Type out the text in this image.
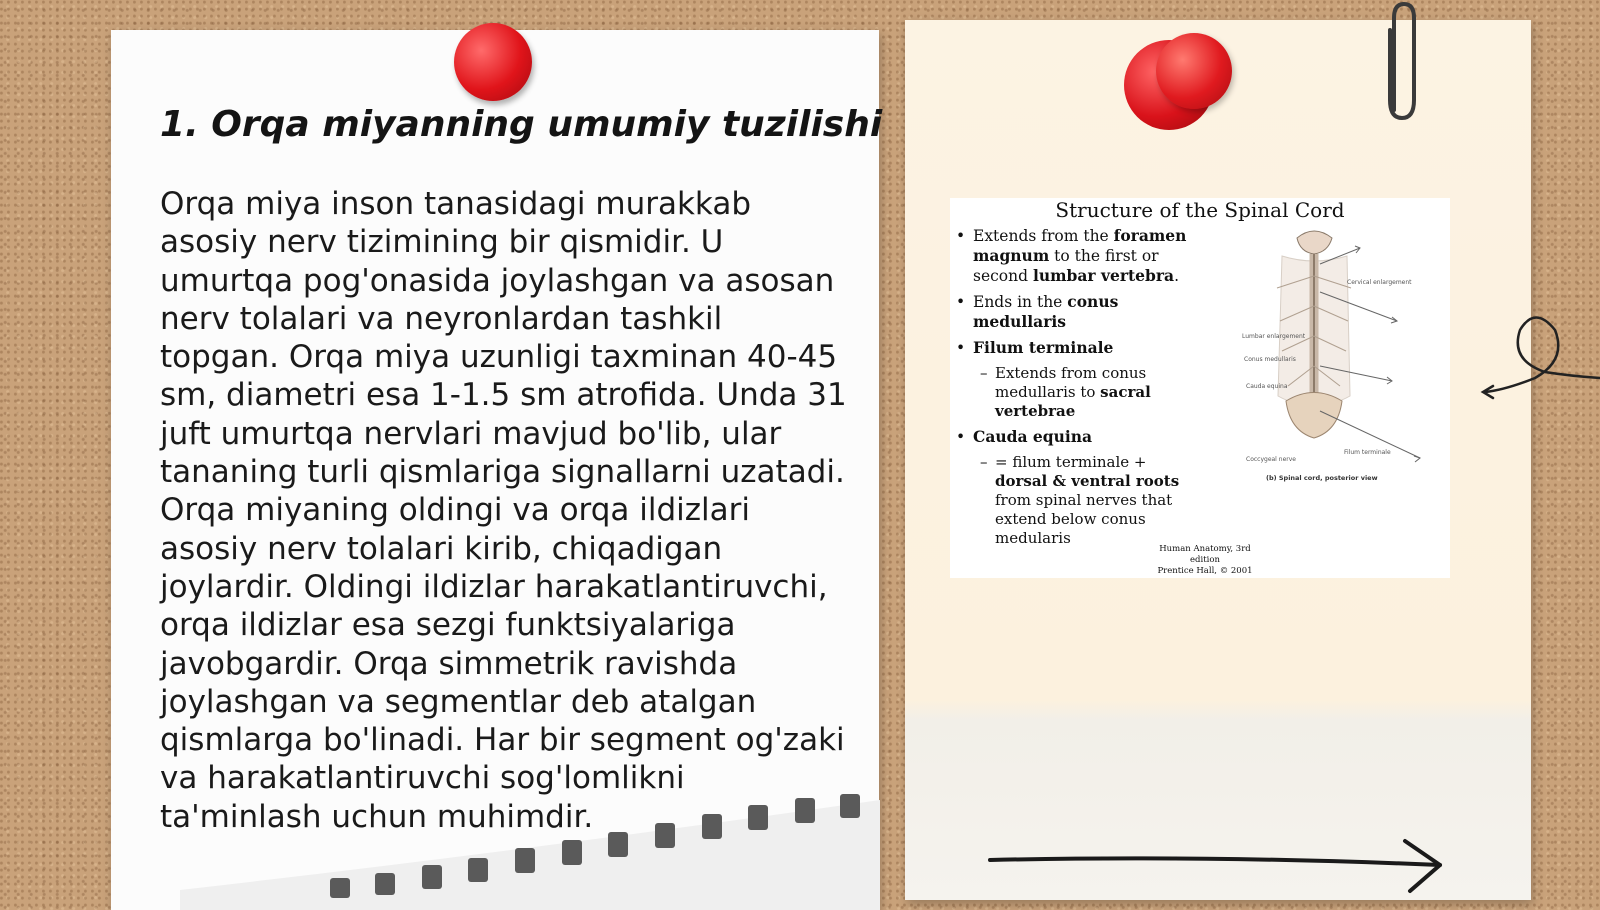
1. Orqa miyanning umumiy tuzilishi

Orqa miya inson tanasidagi murakkab asosiy nerv tizimining bir qismidir. U umurtqa pog'onasida joylashgan va asosan nerv tolalari va neyronlardan tashkil topgan. Orqa miya uzunligi taxminan 40-45 sm, diametri esa 1-1.5 sm atrofida. Unda 31 juft umurtqa nervlari mavjud bo'lib, ular tananing turli qismlariga signallarni uzatadi. Orqa miyaning oldingi va orqa ildizlari asosiy nerv tolalari kirib, chiqadigan joylardir. Oldingi ildizlar harakatlantiruvchi, orqa ildizlar esa sezgi funktsiyalariga javobgardir. Orqa simmetrik ravishda joylashgan va segmentlar deb atalgan qismlarga bo'linadi. Har bir segment og'zaki va harakatlantiruvchi sog'lomlikni ta'minlash uchun muhimdir.

Structure of the Spinal Cord
• Extends from the foramen magnum to the first or second lumbar vertebra.
• Ends in the conus medullaris
• Filum terminale
– Extends from conus medullaris to sacral vertebrae
• Cauda equina
– = filum terminale + dorsal & ventral roots from spinal nerves that extend below conus medularis
Cervical enlargement
Lumbar enlargement
Conus medullaris
Cauda equina
Coccygeal nerve
Filum terminale
(b) Spinal cord, posterior view
Human Anatomy, 3rd edition
Prentice Hall, © 2001
